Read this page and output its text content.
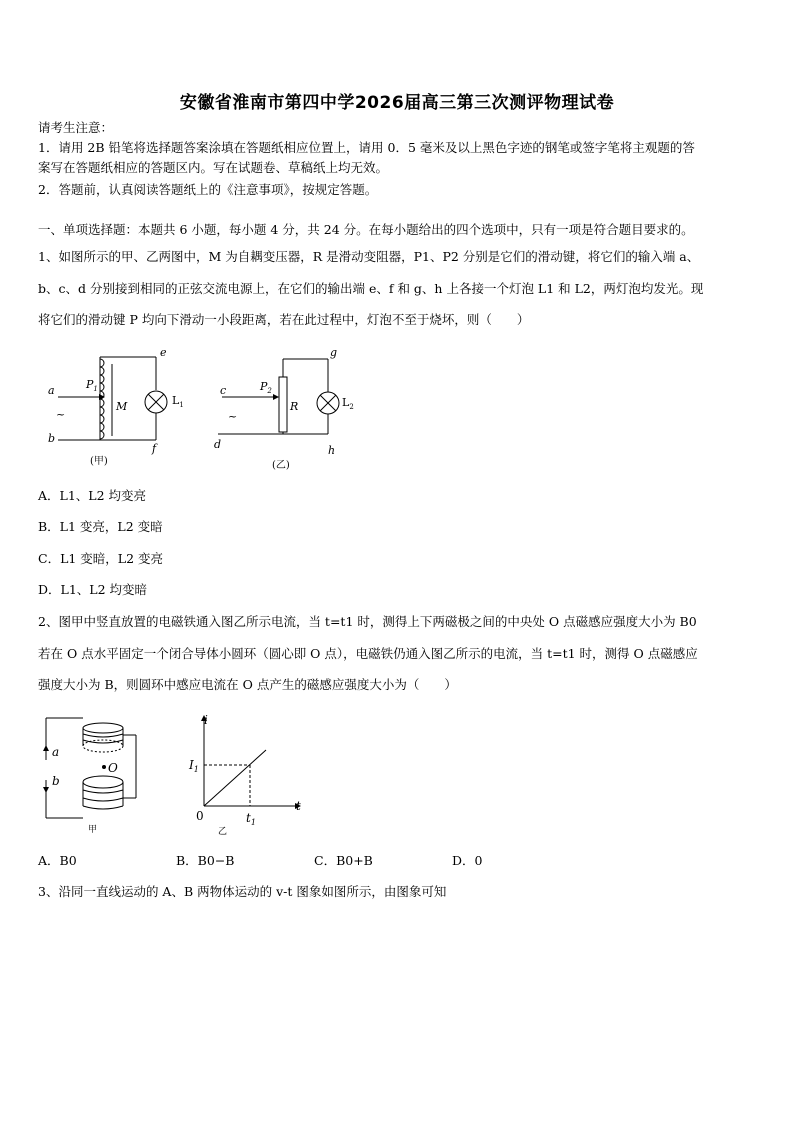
安徽省淮南市第四中学2026届高三第三次测评物理试卷
请考生注意：
1．请用 2B 铅笔将选择题答案涂填在答题纸相应位置上，请用 0．5 毫米及以上黑色字迹的钢笔或签字笔将主观题的答
案写在答题纸相应的答题区内。写在试题卷、草稿纸上均无效。
2．答题前，认真阅读答题纸上的《注意事项》，按规定答题。
一、单项选择题：本题共 6 小题，每小题 4 分，共 24 分。在每小题给出的四个选项中，只有一项是符合题目要求的。
1、如图所示的甲、乙两图中，M 为自耦变压器，R 是滑动变阻器，P1、P2 分别是它们的滑动键，将它们的输入端 a、
b、c、d 分别接到相同的正弦交流电源上，在它们的输出端 e、f 和 g、h 上各接一个灯泡 L1 和 L2，两灯泡均发光。现
将它们的滑动键 P 均向下滑动一小段距离，若在此过程中，灯泡不至于烧坏，则（　　）
a
b
~
e
f
$P_1$
M	$L_1$
(甲)
c
d
~
g
h
$P_2$
R	$L_2$
(乙)
A．L1、L2 均变亮
B．L1 变亮，L2 变暗
C．L1 变暗，L2 变亮
D．L1、L2 均变暗
2、图甲中竖直放置的电磁铁通入图乙所示电流，当 t=t1 时，测得上下两磁极之间的中央处 O 点磁感应强度大小为 B0
若在 O 点水平固定一个闭合导体小圆环（圆心即 O 点），电磁铁仍通入图乙所示的电流，当 t=t1 时，测得 O 点磁感应
强度大小为 B，则圆环中感应电流在 O 点产生的磁感应强度大小为（　　）
a
b
O
甲
i
t
0
$I_1$
$t_1$
乙
A．B0	B．B0−B	C．B0+B	D．0
3、沿同一直线运动的 A、B 两物体运动的 v-t 图象如图所示，由图象可知
